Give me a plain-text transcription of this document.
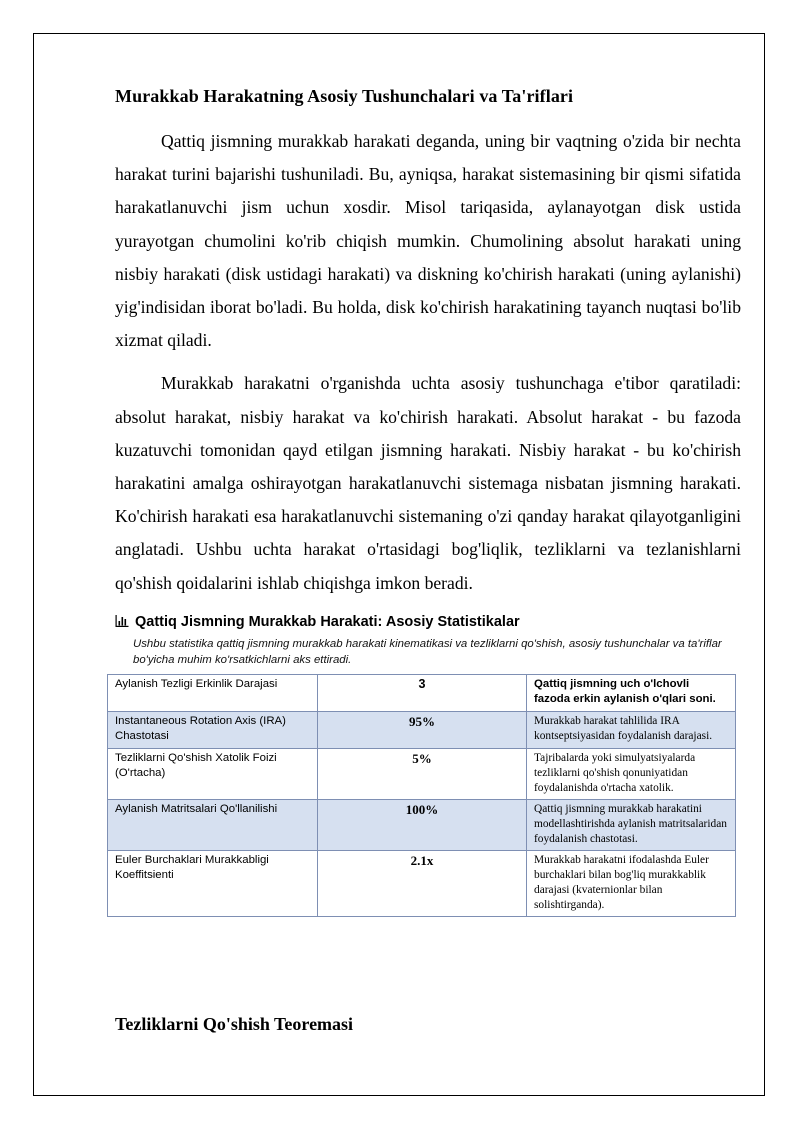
Murakkab Harakatning Asosiy Tushunchalari va Ta'riflari

Qattiq jismning murakkab harakati deganda, uning bir vaqtning o'zida bir nechta harakat turini bajarishi tushuniladi. Bu, ayniqsa, harakat sistemasining bir qismi sifatida harakatlanuvchi jism uchun xosdir. Misol tariqasida, aylanayotgan disk ustida yurayotgan chumolini ko'rib chiqish mumkin. Chumolining absolut harakati uning nisbiy harakati (disk ustidagi harakati) va diskning ko'chirish harakati (uning aylanishi) yig'indisidan iborat bo'ladi. Bu holda, disk ko'chirish harakatining tayanch nuqtasi bo'lib xizmat qiladi.

Murakkab harakatni o'rganishda uchta asosiy tushunchaga e'tibor qaratiladi: absolut harakat, nisbiy harakat va ko'chirish harakati. Absolut harakat - bu fazoda kuzatuvchi tomonidan qayd etilgan jismning harakati. Nisbiy harakat - bu ko'chirish harakatini amalga oshirayotgan harakatlanuvchi sistemaga nisbatan jismning harakati. Ko'chirish harakati esa harakatlanuvchi sistemaning o'zi qanday harakat qilayotganligini anglatadi. Ushbu uchta harakat o'rtasidagi bog'liqlik, tezliklarni va tezlanishlarni qo'shish qoidalarini ishlab chiqishga imkon beradi.

Qattiq Jismning Murakkab Harakati: Asosiy Statistikalar
Ushbu statistika qattiq jismning murakkab harakati kinematikasi va tezliklarni qo'shish, asosiy tushunchalar va ta'riflar bo'yicha muhim ko'rsatkichlarni aks ettiradi.
Aylanish Tezligi Erkinlik Darajasi	3	Qattiq jismning uch o'lchovli fazoda erkin aylanish o'qlari soni.
Instantaneous Rotation Axis (IRA) Chastotasi	95%	Murakkab harakat tahlilida IRA kontseptsiyasidan foydalanish darajasi.
Tezliklarni Qo'shish Xatolik Foizi (O'rtacha)	5%	Tajribalarda yoki simulyatsiyalarda tezliklarni qo'shish qonuniyatidan foydalanishda o'rtacha xatolik.
Aylanish Matritsalari Qo'llanilishi	100%	Qattiq jismning murakkab harakatini modellashtirishda aylanish matritsalaridan foydalanish chastotasi.
Euler Burchaklari Murakkabligi Koeffitsienti	2.1x	Murakkab harakatni ifodalashda Euler burchaklari bilan bog'liq murakkablik darajasi (kvaternionlar bilan solishtirganda).
Tezliklarni Qo'shish Teoremasi
